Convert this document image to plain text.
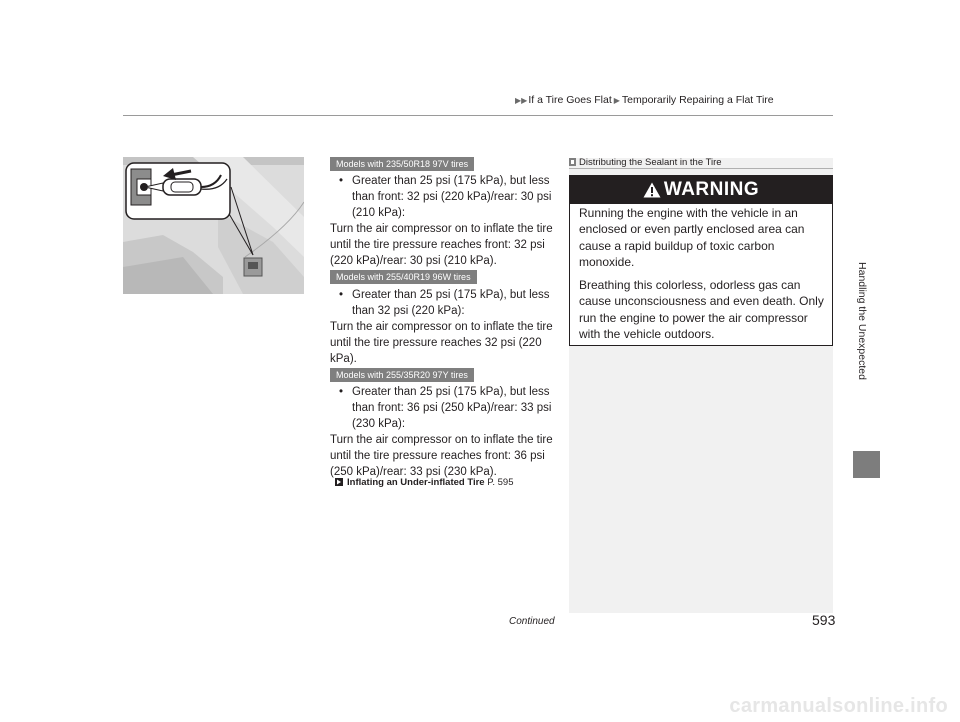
▶▶ If a Tire Goes Flat ▶ Temporarily Repairing a Flat Tire
Handling the Unexpected
Models with 235/50R18 97V tires
• Greater than 25 psi (175 kPa), but less than front: 32 psi (220 kPa)/rear: 30 psi (210 kPa):
Turn the air compressor on to inflate the tire until the tire pressure reaches front: 32 psi (220 kPa)/rear: 30 psi (210 kPa).
Models with 255/40R19 96W tires
• Greater than 25 psi (175 kPa), but less than 32 psi (220 kPa):
Turn the air compressor on to inflate the tire until the tire pressure reaches 32 psi (220 kPa).
Models with 255/35R20 97Y tires
• Greater than 25 psi (175 kPa), but less than front: 36 psi (250 kPa)/rear: 33 psi (230 kPa):
Turn the air compressor on to inflate the tire until the tire pressure reaches front: 36 psi (250 kPa)/rear: 33 psi (230 kPa).
Inflating an Under-inflated Tire P. 595
Distributing the Sealant in the Tire
WARNING
Running the engine with the vehicle in an enclosed or even partly enclosed area can cause a rapid buildup of toxic carbon monoxide.
Breathing this colorless, odorless gas can cause unconsciousness and even death. Only run the engine to power the air compressor with the vehicle outdoors.
Continued	593
carmanualsonline.info
